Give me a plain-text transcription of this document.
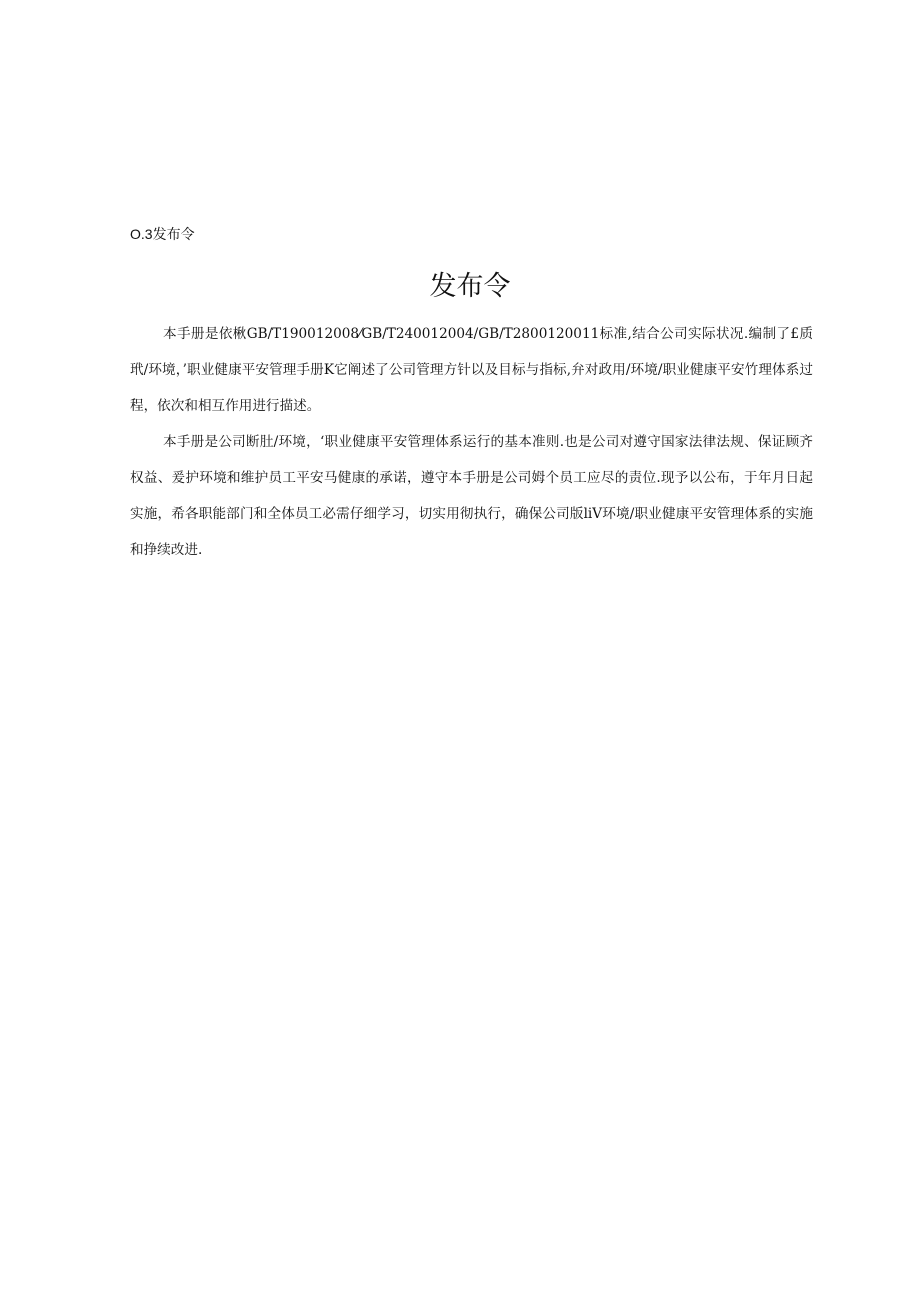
O.3发布令
发布令

本手册是依楸GB/T190012008⁄GB/T240012004/GB/T2800120011标准,结合公司实际状况.编制了£质玳/环境，’职业健康平安管理手册K它阐述了公司管理方针以及目标与指标,弁对政用/环境/职业健康平安竹理体系过程，依次和相互作用进行描述。

本手册是公司断肚/环境，‘职业健康平安管理体系运行的基本准则.也是公司对遵守国家法律法规、保证顾齐权益、爰护环境和维护员工平安马健康的承诺，遵守本手册是公司姆个员工应尽的责位.现予以公布，于年月日起实施，希各职能部门和全体员工必需仔细学习，切实用彻执行，确保公司版liV环境/职业健康平安管理体系的实施和挣续改进.
